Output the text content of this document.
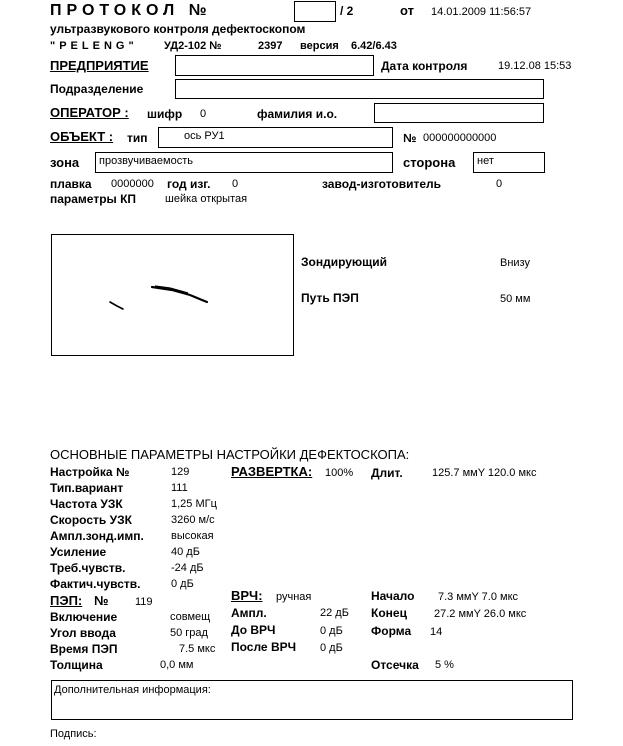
ПРОТОКОЛ №	/ 2	от 14.01.2009 11:56:57
ультразвукового контроля дефектоскопом
"PELENG" УД2-102 №	2397 версия 6.42/6.43
ПРЕДПРИЯТИЕ	Дата контроля	19.12.08 15:53
Подразделение
ОПЕРАТОР : шифр 0	фамилия и.о.
ОБЪЕКТ : тип	ось РУ1	№ 000000000000
зона	прозвучиваемость	сторона	нет
плавка 0000000 год изг. 0	завод-изготовитель	0
параметры КП	шейка открытая
Зондирующий	Внизу
Путь ПЭП	50 мм
ОСНОВНЫЕ ПАРАМЕТРЫ НАСТРОЙКИ ДЕФЕКТОСКОПА:
Настройка №	129
Тип.вариант	111
Частота УЗК	1,25 МГц
Скорость УЗК	3260 м/с
Ампл.зонд.имп. высокая
Усиление	40 дБ
Треб.чувств.	-24 дБ
Фактич.чувств.	0 дБ
РАЗВЕРТКА: 100% Длит.	125.7 ммY 120.0 мкс
ПЭП: № 119
Включение	совмещ
Угол ввода	50 град
Время ПЭП	7.5 мкс
Толщина	0,0 мм
ВРЧ: ручная
Ампл.	22 дБ
До ВРЧ	0 дБ
После ВРЧ 0 дБ
Начало 7.3 ммY 7.0 мкс
Конец 27.2 ммY 26.0 мкс
Форма 14
Отсечка 5 %
Дополнительная информация:
Подпись:
